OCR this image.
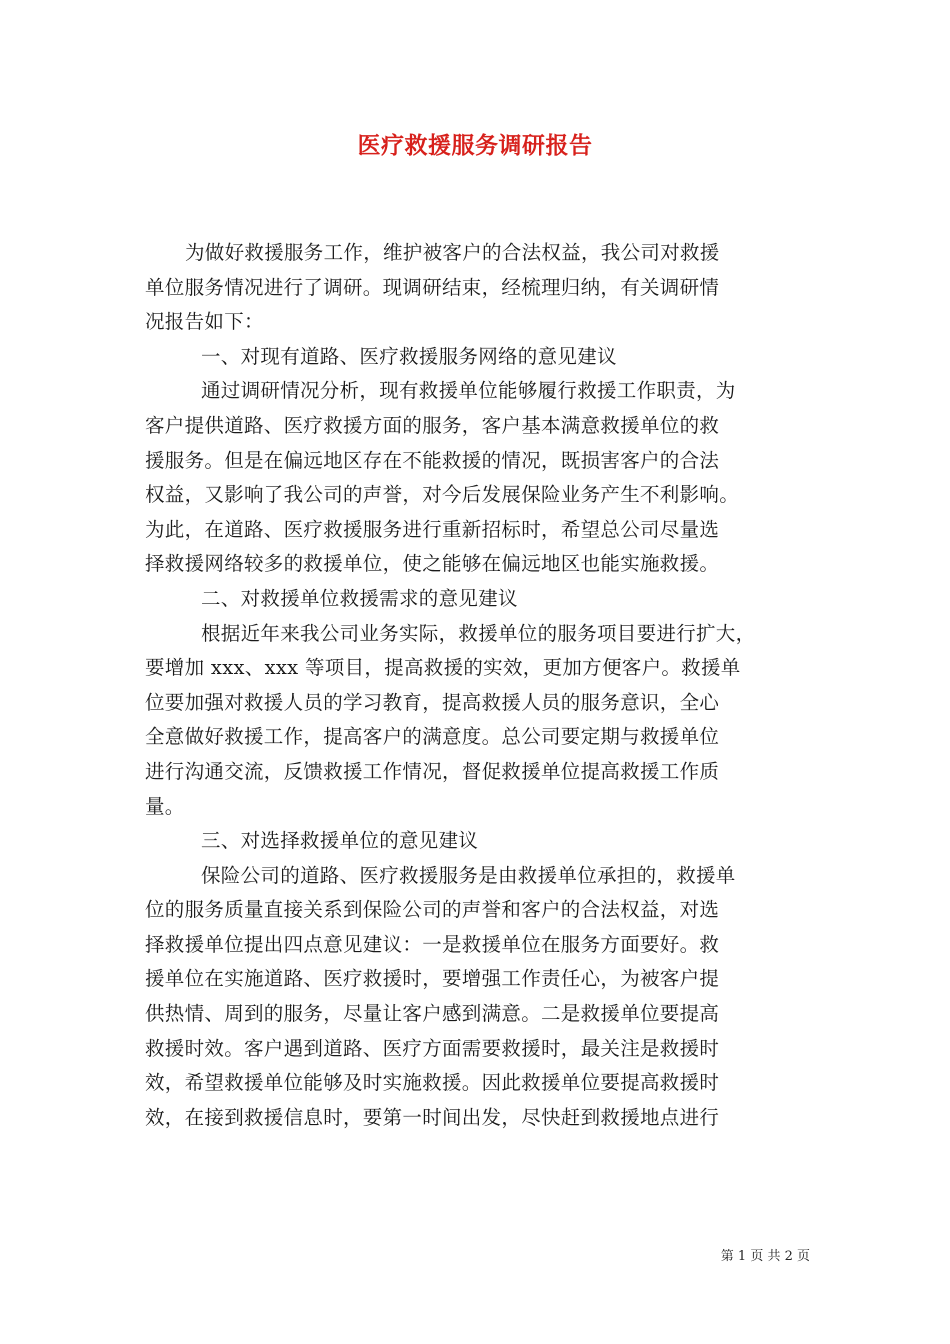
医疗救援服务调研报告
为做好救援服务工作，维护被客户的合法权益，我公司对救援
单位服务情况进行了调研。现调研结束，经梳理归纳，有关调研情
况报告如下：
一、对现有道路、医疗救援服务网络的意见建议
通过调研情况分析，现有救援单位能够履行救援工作职责，为
客户提供道路、医疗救援方面的服务，客户基本满意救援单位的救
援服务。但是在偏远地区存在不能救援的情况，既损害客户的合法
权益，又影响了我公司的声誉，对今后发展保险业务产生不利影响。
为此，在道路、医疗救援服务进行重新招标时，希望总公司尽量选
择救援网络较多的救援单位，使之能够在偏远地区也能实施救援。
二、对救援单位救援需求的意见建议
根据近年来我公司业务实际，救援单位的服务项目要进行扩大，
要增加 xxx、xxx 等项目，提高救援的实效，更加方便客户。救援单
位要加强对救援人员的学习教育，提高救援人员的服务意识，全心
全意做好救援工作，提高客户的满意度。总公司要定期与救援单位
进行沟通交流，反馈救援工作情况，督促救援单位提高救援工作质
量。
三、对选择救援单位的意见建议
保险公司的道路、医疗救援服务是由救援单位承担的，救援单
位的服务质量直接关系到保险公司的声誉和客户的合法权益，对选
择救援单位提出四点意见建议：一是救援单位在服务方面要好。救
援单位在实施道路、医疗救援时，要增强工作责任心，为被客户提
供热情、周到的服务，尽量让客户感到满意。二是救援单位要提高
救援时效。客户遇到道路、医疗方面需要救援时，最关注是救援时
效，希望救援单位能够及时实施救援。因此救援单位要提高救援时
效，在接到救援信息时，要第一时间出发，尽快赶到救援地点进行
第 1 页 共 2 页
